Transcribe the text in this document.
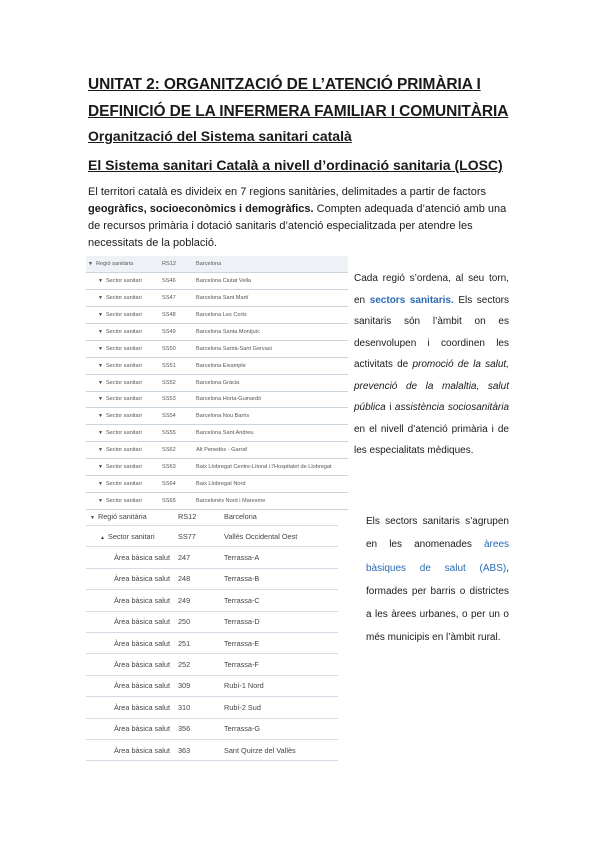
UNITAT 2: ORGANITZACIÓ DE L’ATENCIÓ PRIMÀRIA I DEFINICIÓ DE LA INFERMERA FAMILIAR I COMUNITÀRIA
Organització del Sistema sanitari català
El Sistema sanitari Català a nivell d’ordinació sanitaria (LOSC)

El territori català es divideix en 7 regions sanitàries, delimitades a partir de factors geogràfics, socioeconòmics i demogràfics. Compten adequada d’atenció amb una de recursos primària i dotació sanitaris d’atenció especialitzada per atendre les necessitats de la població.

▼ Regió sanitària	RS12	Barcelona
▼ Sector sanitari	SS46	Barcelona Ciutat Vella
▼ Sector sanitari	SS47	Barcelona Sant Martí
▼ Sector sanitari	SS48	Barcelona Les Corts
▼ Sector sanitari	SS49	Barcelona Santa Montjuïc
▼ Sector sanitari	SS50	Barcelona Sarrià-Sant Gervasi
▼ Sector sanitari	SS51	Barcelona Eixample
▼ Sector sanitari	SS52	Barcelona Gràcia
▼ Sector sanitari	SS53	Barcelona Horta-Guinardó
▼ Sector sanitari	SS54	Barcelona Nou Barris
▼ Sector sanitari	SS55	Barcelona Sant Andreu
▼ Sector sanitari	SS62	Alt Penedès - Garraf
▼ Sector sanitari	SS63	Baix Llobregat Centre-Litoral i l’Hospitalet de Llobregat
▼ Sector sanitari	SS64	Baix Llobregat Nord
▼ Sector sanitari	SS65	Barcelonès Nord i Maresme

Cada regió s’ordena, al seu torn, en sectors sanitaris. Els sectors sanitaris són l’àmbit on es desenvolupen i coordinen les activitats de promoció de la salut, prevenció de la malaltia, salut pública i assistència sociosanitària en el nivell d’atenció primària i de les especialitats mèdiques.

▼ Regió sanitària	RS12	Barcelona
▲ Sector sanitari	SS77	Vallès Occidental Oest
Àrea bàsica salut	247	Terrassa-A
Àrea bàsica salut	248	Terrassa-B
Àrea bàsica salut	249	Terrassa-C
Àrea bàsica salut	250	Terrassa-D
Àrea bàsica salut	251	Terrassa-E
Àrea bàsica salut	252	Terrassa-F
Àrea bàsica salut	309	Rubí-1 Nord
Àrea bàsica salut	310	Rubí-2 Sud
Àrea bàsica salut	356	Terrassa-G
Àrea bàsica salut	363	Sant Quirze del Vallès

Els sectors sanitaris s’agrupen en les anomenades àrees bàsiques de salut (ABS), formades per barris o districtes a les àrees urbanes, o per un o més municipis en l’àmbit rural.
